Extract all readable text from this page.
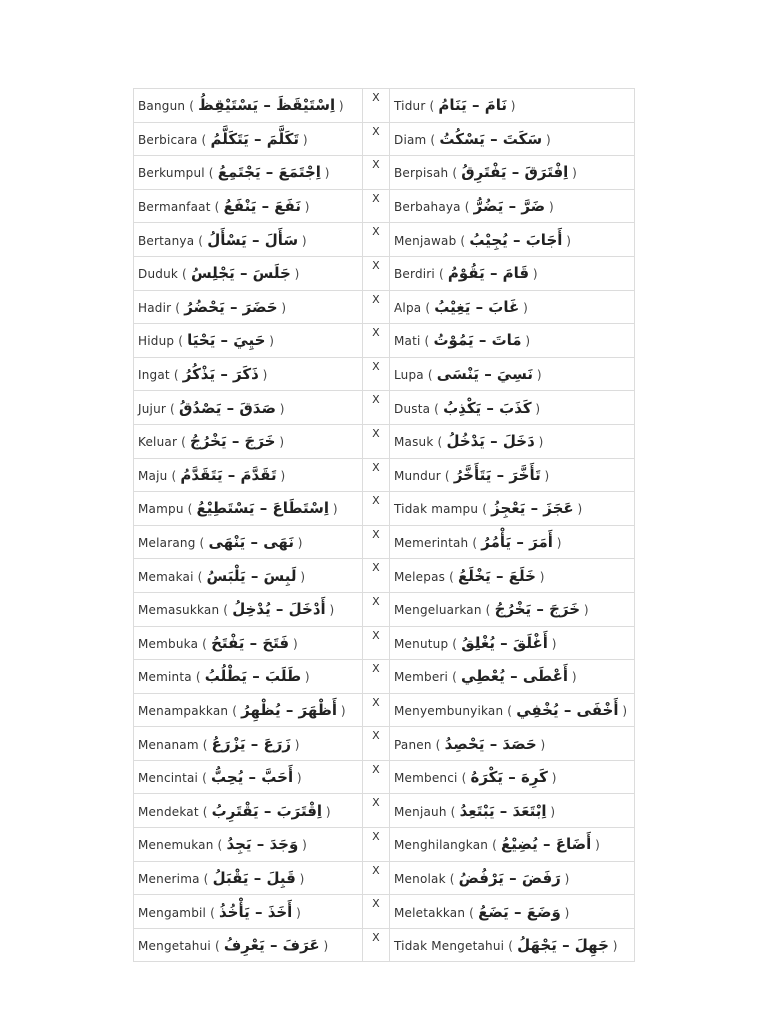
Bangun ( اِسْتَيْقَظَ – يَسْتَيْقِظُ )	X	Tidur ( نَامَ – يَنَامُ )
Berbicara ( تَكَلَّمَ – يَتَكَلَّمُ )	X	Diam ( سَكَتَ – يَسْكُتُ )
Berkumpul ( اِجْتَمَعَ – يَجْتَمِعُ )	X	Berpisah ( اِفْتَرَقَ – يَفْتَرِقُ )
Bermanfaat ( نَفَعَ – يَنْفَعُ )	X	Berbahaya ( ضَرَّ – يَضُرُّ )
Bertanya ( سَأَلَ – يَسْأَلُ )	X	Menjawab ( أَجَابَ – يُجِيْبُ )
Duduk ( جَلَسَ – يَجْلِسُ )	X	Berdiri ( قَامَ – يَقُوْمُ )
Hadir ( حَضَرَ – يَحْضُرُ )	X	Alpa ( غَابَ – يَغِيْبُ )
Hidup ( حَيِيَ – يَحْيَا )	X	Mati ( مَاتَ – يَمُوْتُ )
Ingat ( ذَكَرَ – يَذْكُرُ )	X	Lupa ( نَسِيَ – يَنْسَى )
Jujur ( صَدَقَ – يَصْدُقُ )	X	Dusta ( كَذَبَ – يَكْذِبُ )
Keluar ( خَرَجَ – يَخْرُجُ )	X	Masuk ( دَخَلَ – يَدْخُلُ )
Maju ( تَقَدَّمَ – يَتَقَدَّمُ )	X	Mundur ( تَأَخَّرَ – يَتَأَخَّرُ )
Mampu ( اِسْتَطَاعَ – يَسْتَطِيْعُ )	X	Tidak mampu ( عَجَزَ – يَعْجِزُ )
Melarang ( نَهَى – يَنْهَى )	X	Memerintah ( أَمَرَ – يَأْمُرُ )
Memakai ( لَبِسَ – يَلْبَسُ )	X	Melepas ( خَلَعَ – يَخْلَعُ )
Memasukkan ( أَدْخَلَ – يُدْخِلُ )	X	Mengeluarkan ( خَرَجَ – يَخْرُجُ )
Membuka ( فَتَحَ – يَفْتَحُ )	X	Menutup ( أَغْلَقَ – يُغْلِقُ )
Meminta ( طَلَبَ – يَطْلُبُ )	X	Memberi ( أَعْطَى – يُعْطِي )
Menampakkan ( أَظْهَرَ – يُظْهِرُ )	X	Menyembunyikan ( أَخْفَى – يُخْفِي )
Menanam ( زَرَعَ – يَزْرَعُ )	X	Panen ( حَصَدَ – يَحْصِدُ )
Mencintai ( أَحَبَّ – يُحِبُّ )	X	Membenci ( كَرِهَ – يَكْرَهُ )
Mendekat ( اِقْتَرَبَ – يَقْتَرِبُ )	X	Menjauh ( اِبْتَعَدَ – يَبْتَعِدُ )
Menemukan ( وَجَدَ – يَجِدُ )	X	Menghilangkan ( أَضَاعَ – يُضِيْعُ )
Menerima ( قَبِلَ – يَقْبَلُ )	X	Menolak ( رَفَضَ – يَرْفُضُ )
Mengambil ( أَخَذَ – يَأْخُذُ )	X	Meletakkan ( وَضَعَ – يَضَعُ )
Mengetahui ( عَرَفَ – يَعْرِفُ )	X	Tidak Mengetahui ( جَهِلَ – يَجْهَلُ )
